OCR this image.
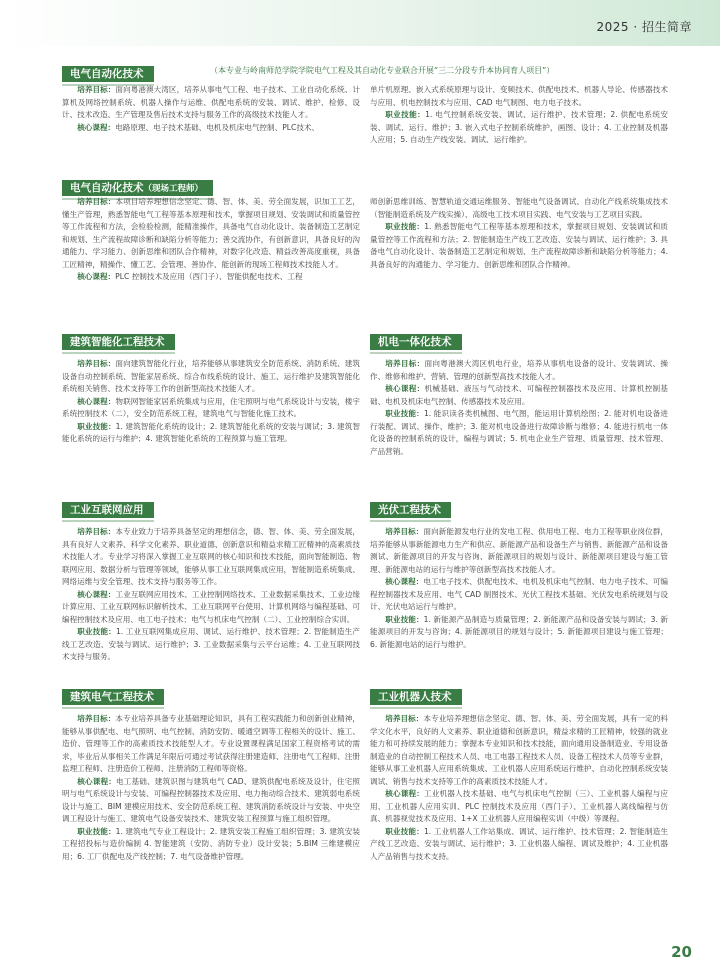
2025 · 招生简章
电气自动化技术	（本专业与岭南师范学院学院电气工程及其自动化专业联合开展“三二分段专升本协同育人项目”）

培养目标：面向粤港澳大湾区，培养从事电气工程、电子技术、工业自动化系统、计算机及网络控制系统、机器人操作与运维、供配电系统的安装、调试、维护、检修、设计、技术改造、生产管理及售后技术支持与服务工作的高级技术技能人才。

核心课程：电路原理、电子技术基础、电机及机床电气控制、PLC技术、

单片机原理、嵌入式系统原理与设计、变频技术、供配电技术、机器人导论、传感器技术与应用、机电控制技术与应用、CAD 电气制图、电力电子技术。

职业技能：1. 电气控制系统安装、调试、运行维护、技术管理；2. 供配电系统安装、调试、运行、维护；3. 嵌入式电子控制系统维护，画图、设计；4. 工业控制及机器人应用；5. 自动生产线安装、调试、运行维护。

电气自动化技术（现场工程师）

培养目标：本项目培养理想信念坚定、德、智、体、美、劳全面发展，识加工工艺，懂生产管理，熟悉智能电气工程等基本原理和技术，掌握项目规划、安装调试和质量管控等工作流程和方法，会检验检测，能精准操作，具备电气自动化设计、装备制造工艺制定和规划、生产流程故障诊断和缺陷分析等能力；善交流协作，有创新意识，具备良好的沟通能力、学习能力、创新思维和团队合作精神，对数字化改造、精益改善高度重视，具备工匠精神，精操作、懂工艺、会管理、善协作、能创新的现场工程师技术技能人才。

核心课程：PLC 控制技术及应用（西门子）、智能供配电技术、工程

师创新思维训练、智慧轨道交通运维服务、智能电气设备调试、自动化产线系统集成技术（智能制造系统及产线实操）、高级电工技术项目实践、电气安装与工艺项目实践。

职业技能：1. 熟悉智能电气工程等基本原理和技术，掌握项目规划、安装调试和质量管控等工作流程和方法；2. 智能制造生产线工艺改造、安装与调试、运行维护；3. 具备电气自动化设计、装备制造工艺制定和规划、生产流程故障诊断和缺陷分析等能力；4. 具备良好的沟通能力、学习能力、创新思维和团队合作精神。

建筑智能化工程技术

培养目标：面向建筑智能化行业，培养能够从事建筑安全防范系统、消防系统、建筑设备自动控制系统、智能家居系统、综合布线系统的设计、施工、运行维护及建筑智能化系统相关销售、技术支持等工作的创新型高技术技能人才。

核心课程：物联网智能家居系统集成与应用，住宅照明与电气系统设计与安装，楼宇系统控制技术（二），安全防范系统工程，建筑电气与智能化施工技术。

职业技能：1. 建筑智能化系统的设计；2. 建筑智能化系统的安装与调试；3. 建筑智能化系统的运行与维护；4. 建筑智能化系统的工程预算与施工管理。

机电一体化技术

培养目标：面向粤港澳大湾区机电行业，培养从事机电设备的设计、安装调试、操作、维修和维护、营销、管理的创新型高技术技能人才。

核心课程：机械基础、液压与气动技术、可编程控制器技术及应用、计算机控制基础、电机及机床电气控制、传感器技术及应用。

职业技能：1. 能识读各类机械图、电气图，能运用计算机绘图；2. 能对机电设备进行装配、调试、操作、维护；3. 能对机电设备进行故障诊断与维修；4. 能进行机电一体化设备的控制系统的设计，编程与调试；5. 机电企业生产管理、质量管理、技术管理、产品营销。

工业互联网应用

培养目标：本专业致力于培养具备坚定的理想信念，德、智、体、美、劳全面发展，具有良好人文素养、科学文化素养、职业道德、创新意识和精益求精工匠精神的高素质技术技能人才。专业学习将深入掌握工业互联网的核心知识和技术技能，面向智能制造、物联网应用、数据分析与管理等领域，能够从事工业互联网集成应用，智能制造系统集成、网络运维与安全管理、技术支持与服务等工作。

核心课程：工业互联网应用技术、工业控制网络技术、工业数据采集技术、工业边缘计算应用、工业互联网标识解析技术、工业互联网平台使用、计算机网络与编程基础、可编程控制技术及应用、电工电子技术；电气与机床电气控制（二）、工业控制综合实训。

职业技能：1. 工业互联网集成应用、调试、运行维护、技术管理；2. 智能制造生产线工艺改造、安装与调试、运行维护；3. 工业数据采集与云平台运维；4. 工业互联网技术支持与服务。

光伏工程技术

培养目标：面向新能源发电行业的发电工程、供用电工程、电力工程等职业岗位群，培养能够从事新能源电力生产和供应、新能源产品和设备生产与销售、新能源产品和设备测试、新能源项目的开发与咨询、新能源项目的规划与设计、新能源项目建设与施工管理、新能源电站的运行与维护等创新型高技术技能人才。

核心课程：电工电子技术、供配电技术、电机及机床电气控制、电力电子技术、可编程控制器技术及应用、电气 CAD 制图技术、光伏工程技术基础、光伏发电系统规划与设计、光伏电站运行与维护。

职业技能：1. 新能源产品制造与质量管理；2. 新能源产品和设备安装与调试；3. 新能源项目的开发与咨询；4. 新能源项目的规划与设计；5. 新能源项目建设与施工管理；6. 新能源电站的运行与维护。

建筑电气工程技术

培养目标：本专业培养具备专业基础理论知识，具有工程实践能力和创新创业精神，能够从事供配电、电气照明、电气控制、消防安防、暖通空调等工程相关的设计、施工、造价、管理等工作的高素质技术技能型人才。专业设置课程满足国家工程资格考试的需求，毕业后从事相关工作满足年限后可通过考试获得注册建造师、注册电气工程师、注册监理工程师、注册造价工程师、注册消防工程师等资格。

核心课程：电工基础、建筑识图与建筑电气 CAD、建筑供配电系统及设计，住宅照明与电气系统设计与安装、可编程控制器技术及应用、电力拖动综合技术、建筑弱电系统设计与施工、BIM 建模应用技术、安全防范系统工程、建筑消防系统设计与安装、中央空调工程设计与施工、建筑电气设备安装技术、建筑安装工程预算与施工组织管理。

职业技能：1. 建筑电气专业工程设计；2. 建筑安装工程施工组织管理；3. 建筑安装工程招投标与造价编制 4. 智能建筑（安防、消防专业）设计安装；5.BIM 三维建模应用；6. 工厂供配电及产线控制；7. 电气设备维护管理。

工业机器人技术

培养目标：本专业培养理想信念坚定、德、智、体、美、劳全面发展，具有一定的科学文化水平，良好的人文素养、职业道德和创新意识，精益求精的工匠精神，较强的就业能力和可持续发展的能力；掌握本专业知识和技术技能，面向通用设备制造业、专用设备制造业的自动控制工程技术人员、电工电器工程技术人员、设备工程技术人员等专业群，能够从事工业机器人应用系统集成、工业机器人应用系统运行维护、自动化控制系统安装调试、销售与技术支持等工作的高素质技术技能人才。

核心课程：工业机器人技术基础、电气与机床电气控制（三）、工业机器人编程与应用、工业机器人应用实训、PLC 控制技术及应用（西门子）、工业机器人离线编程与仿真、机器视觉技术及应用、1+X 工业机器人应用编程实训（中级）等课程。

职业技能：1. 工业机器人工作站集成、调试、运行维护、技术管理；2. 智能制造生产线工艺改造、安装与调试、运行维护；3. 工业机器人编程、调试及维护；4. 工业机器人产品销售与技术支持。

20
